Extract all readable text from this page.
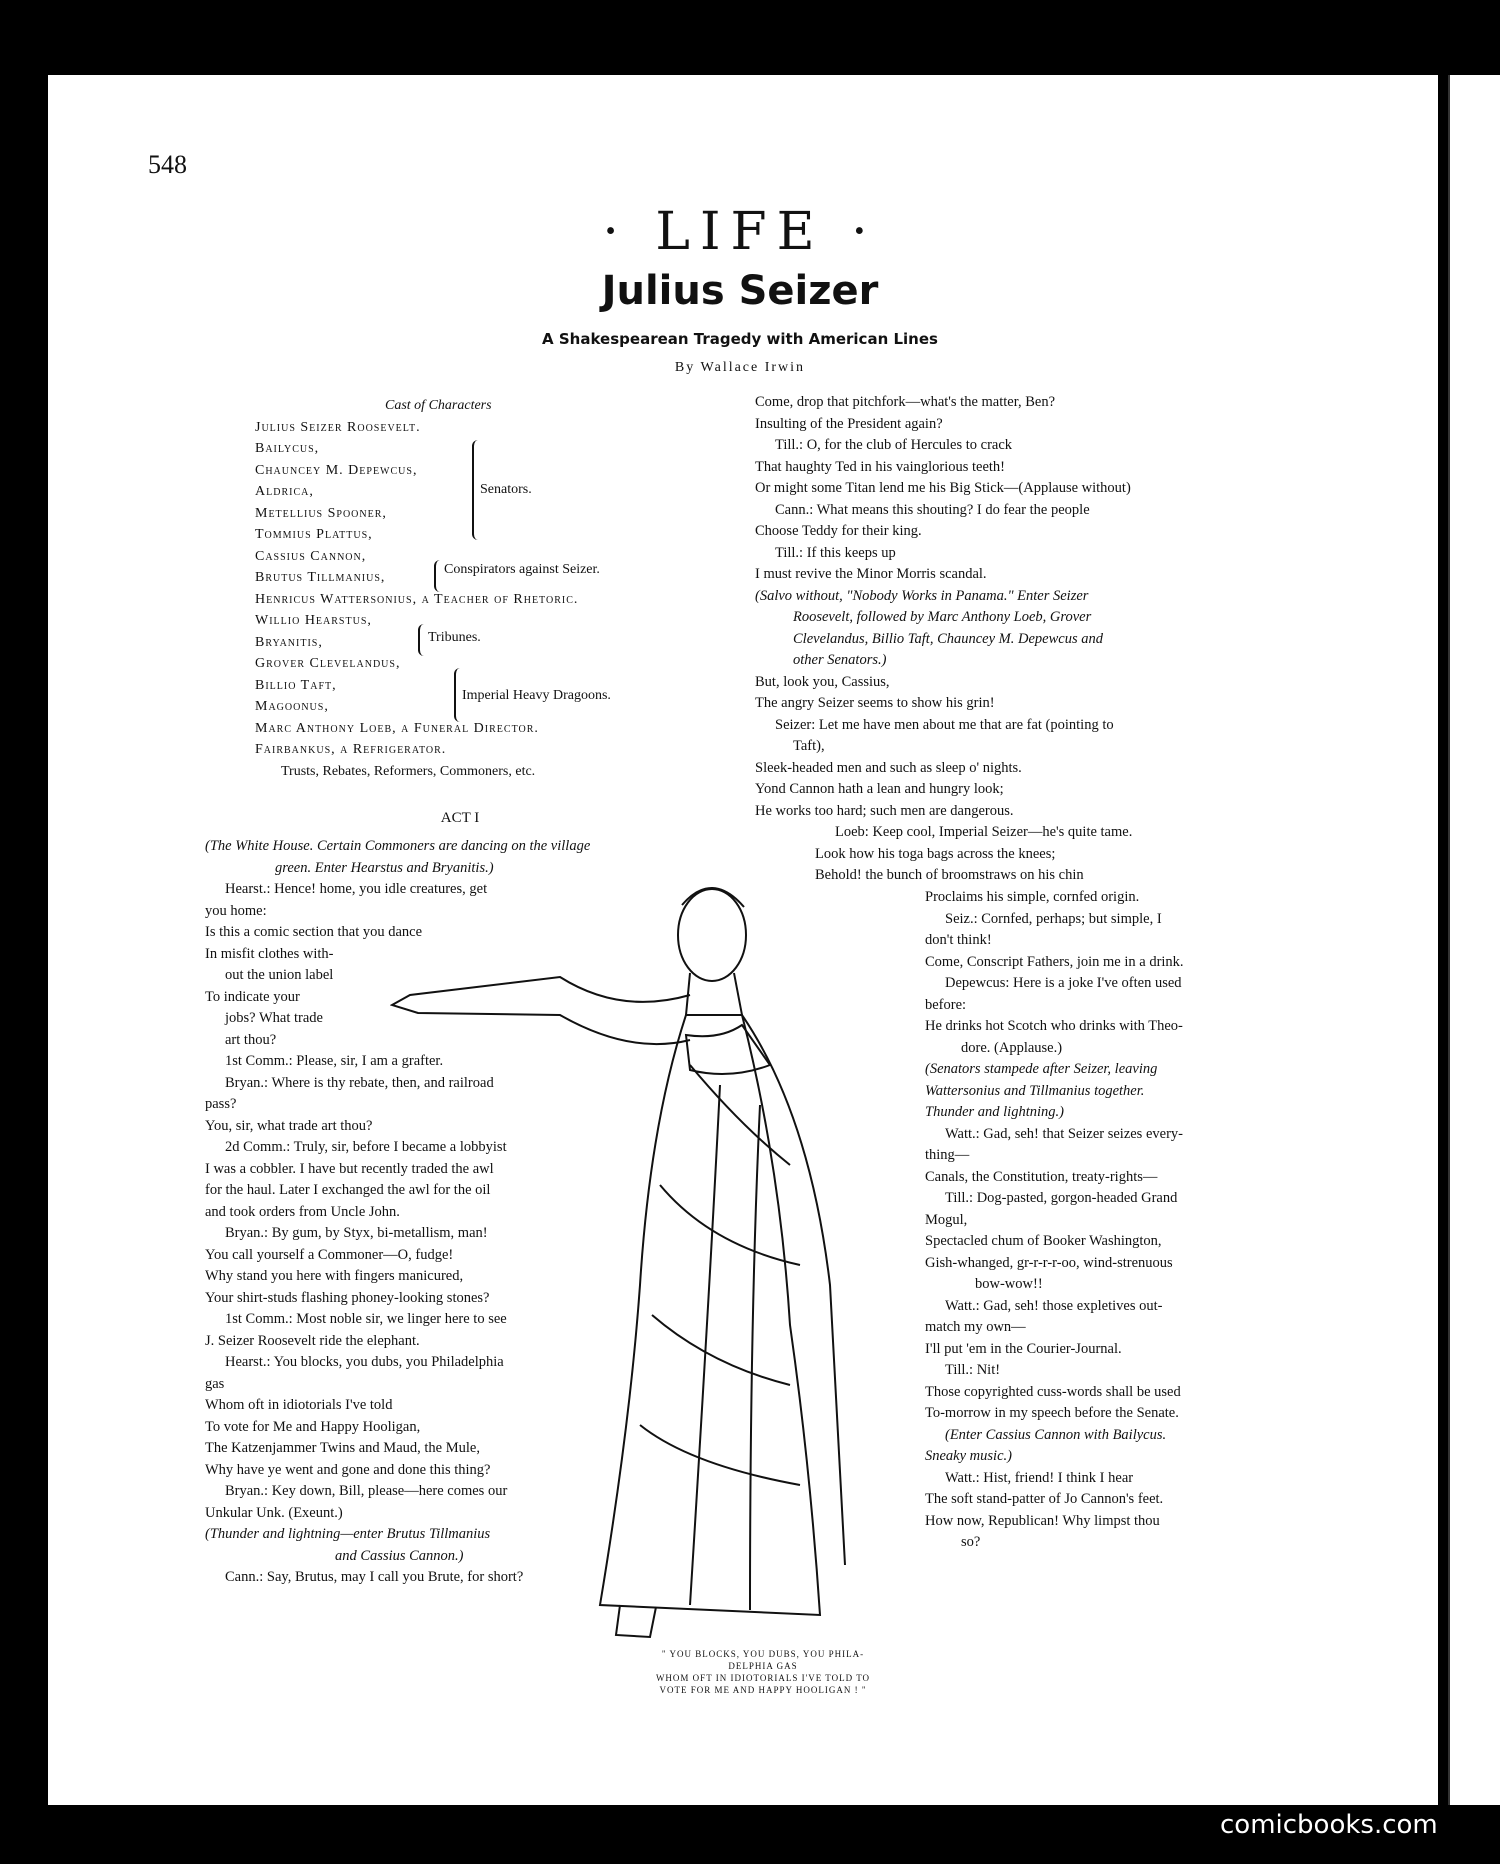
548
· LIFE ·
Julius Seizer
A Shakespearean Tragedy with American Lines
By Wallace Irwin
Cast of Characters
Julius Seizer Roosevelt.
Bailycus,
Chauncey M. Depewcus,
Aldrica,
Metellius Spooner,
Tommius Plattus,
Cassius Cannon,
Brutus Tillmanius,
Henricus Wattersonius, a Teacher of Rhetoric.
Willio Hearstus,
Bryanitis,
Grover Clevelandus,
Billio Taft,
Magoonus,
Marc Anthony Loeb, a Funeral Director.
Fairbankus, a Refrigerator.
Trusts, Rebates, Reformers, Commoners, etc.
Senators.
Conspirators against Seizer.
Tribunes.
Imperial Heavy Dragoons.
ACT I

(The White House. Certain Commoners are dancing on the village

green. Enter Hearstus and Bryanitis.)

Hearst.: Hence! home, you idle creatures, get

you home:

Is this a comic section that you dance

In misfit clothes with-

out the union label

To indicate your

jobs? What trade

art thou?

1st Comm.: Please, sir, I am a grafter.

Bryan.: Where is thy rebate, then, and railroad

pass?

You, sir, what trade art thou?

2d Comm.: Truly, sir, before I became a lobbyist

I was a cobbler. I have but recently traded the awl

for the haul. Later I exchanged the awl for the oil

and took orders from Uncle John.

Bryan.: By gum, by Styx, bi-metallism, man!

You call yourself a Commoner—O, fudge!

Why stand you here with fingers manicured,

Your shirt-studs flashing phoney-looking stones?

1st Comm.: Most noble sir, we linger here to see

J. Seizer Roosevelt ride the elephant.

Hearst.: You blocks, you dubs, you Philadelphia

gas

Whom oft in idiotorials I've told

To vote for Me and Happy Hooligan,

The Katzenjammer Twins and Maud, the Mule,

Why have ye went and gone and done this thing?

Bryan.: Key down, Bill, please—here comes our

Unkular Unk. (Exeunt.)

(Thunder and lightning—enter Brutus Tillmanius

and Cassius Cannon.)

Cann.: Say, Brutus, may I call you Brute, for short?

Come, drop that pitchfork—what's the matter, Ben?

Insulting of the President again?

Till.: O, for the club of Hercules to crack

That haughty Ted in his vainglorious teeth!

Or might some Titan lend me his Big Stick—(Applause without)

Cann.: What means this shouting? I do fear the people

Choose Teddy for their king.

Till.: If this keeps up

I must revive the Minor Morris scandal.

(Salvo without, "Nobody Works in Panama." Enter Seizer

Roosevelt, followed by Marc Anthony Loeb, Grover

Clevelandus, Billio Taft, Chauncey M. Depewcus and

other Senators.)

But, look you, Cassius,

The angry Seizer seems to show his grin!

Seizer: Let me have men about me that are fat (pointing to

Taft),

Sleek-headed men and such as sleep o' nights.

Yond Cannon hath a lean and hungry look;

He works too hard; such men are dangerous.

Loeb: Keep cool, Imperial Seizer—he's quite tame.

Look how his toga bags across the knees;

Behold! the bunch of broomstraws on his chin

Proclaims his simple, cornfed origin.

Seiz.: Cornfed, perhaps; but simple, I

don't think!

Come, Conscript Fathers, join me in a drink.

Depewcus: Here is a joke I've often used

before:

He drinks hot Scotch who drinks with Theo-

dore. (Applause.)

(Senators stampede after Seizer, leaving

Wattersonius and Tillmanius together.

Thunder and lightning.)

Watt.: Gad, seh! that Seizer seizes every-

thing—

Canals, the Constitution, treaty-rights—

Till.: Dog-pasted, gorgon-headed Grand

Mogul,

Spectacled chum of Booker Washington,

Gish-whanged, gr-r-r-r-oo, wind-strenuous

bow-wow!!

Watt.: Gad, seh! those expletives out-

match my own—

I'll put 'em in the Courier-Journal.

Till.: Nit!

Those copyrighted cuss-words shall be used

To-morrow in my speech before the Senate.

(Enter Cassius Cannon with Bailycus.

Sneaky music.)

Watt.: Hist, friend! I think I hear

The soft stand-patter of Jo Cannon's feet.

How now, Republican! Why limpst thou

so?

" YOU BLOCKS, YOU DUBS, YOU PHILA-
DELPHIA GAS
WHOM OFT IN IDIOTORIALS I'VE TOLD TO
VOTE FOR ME AND HAPPY HOOLIGAN ! "
comicbooks.com
